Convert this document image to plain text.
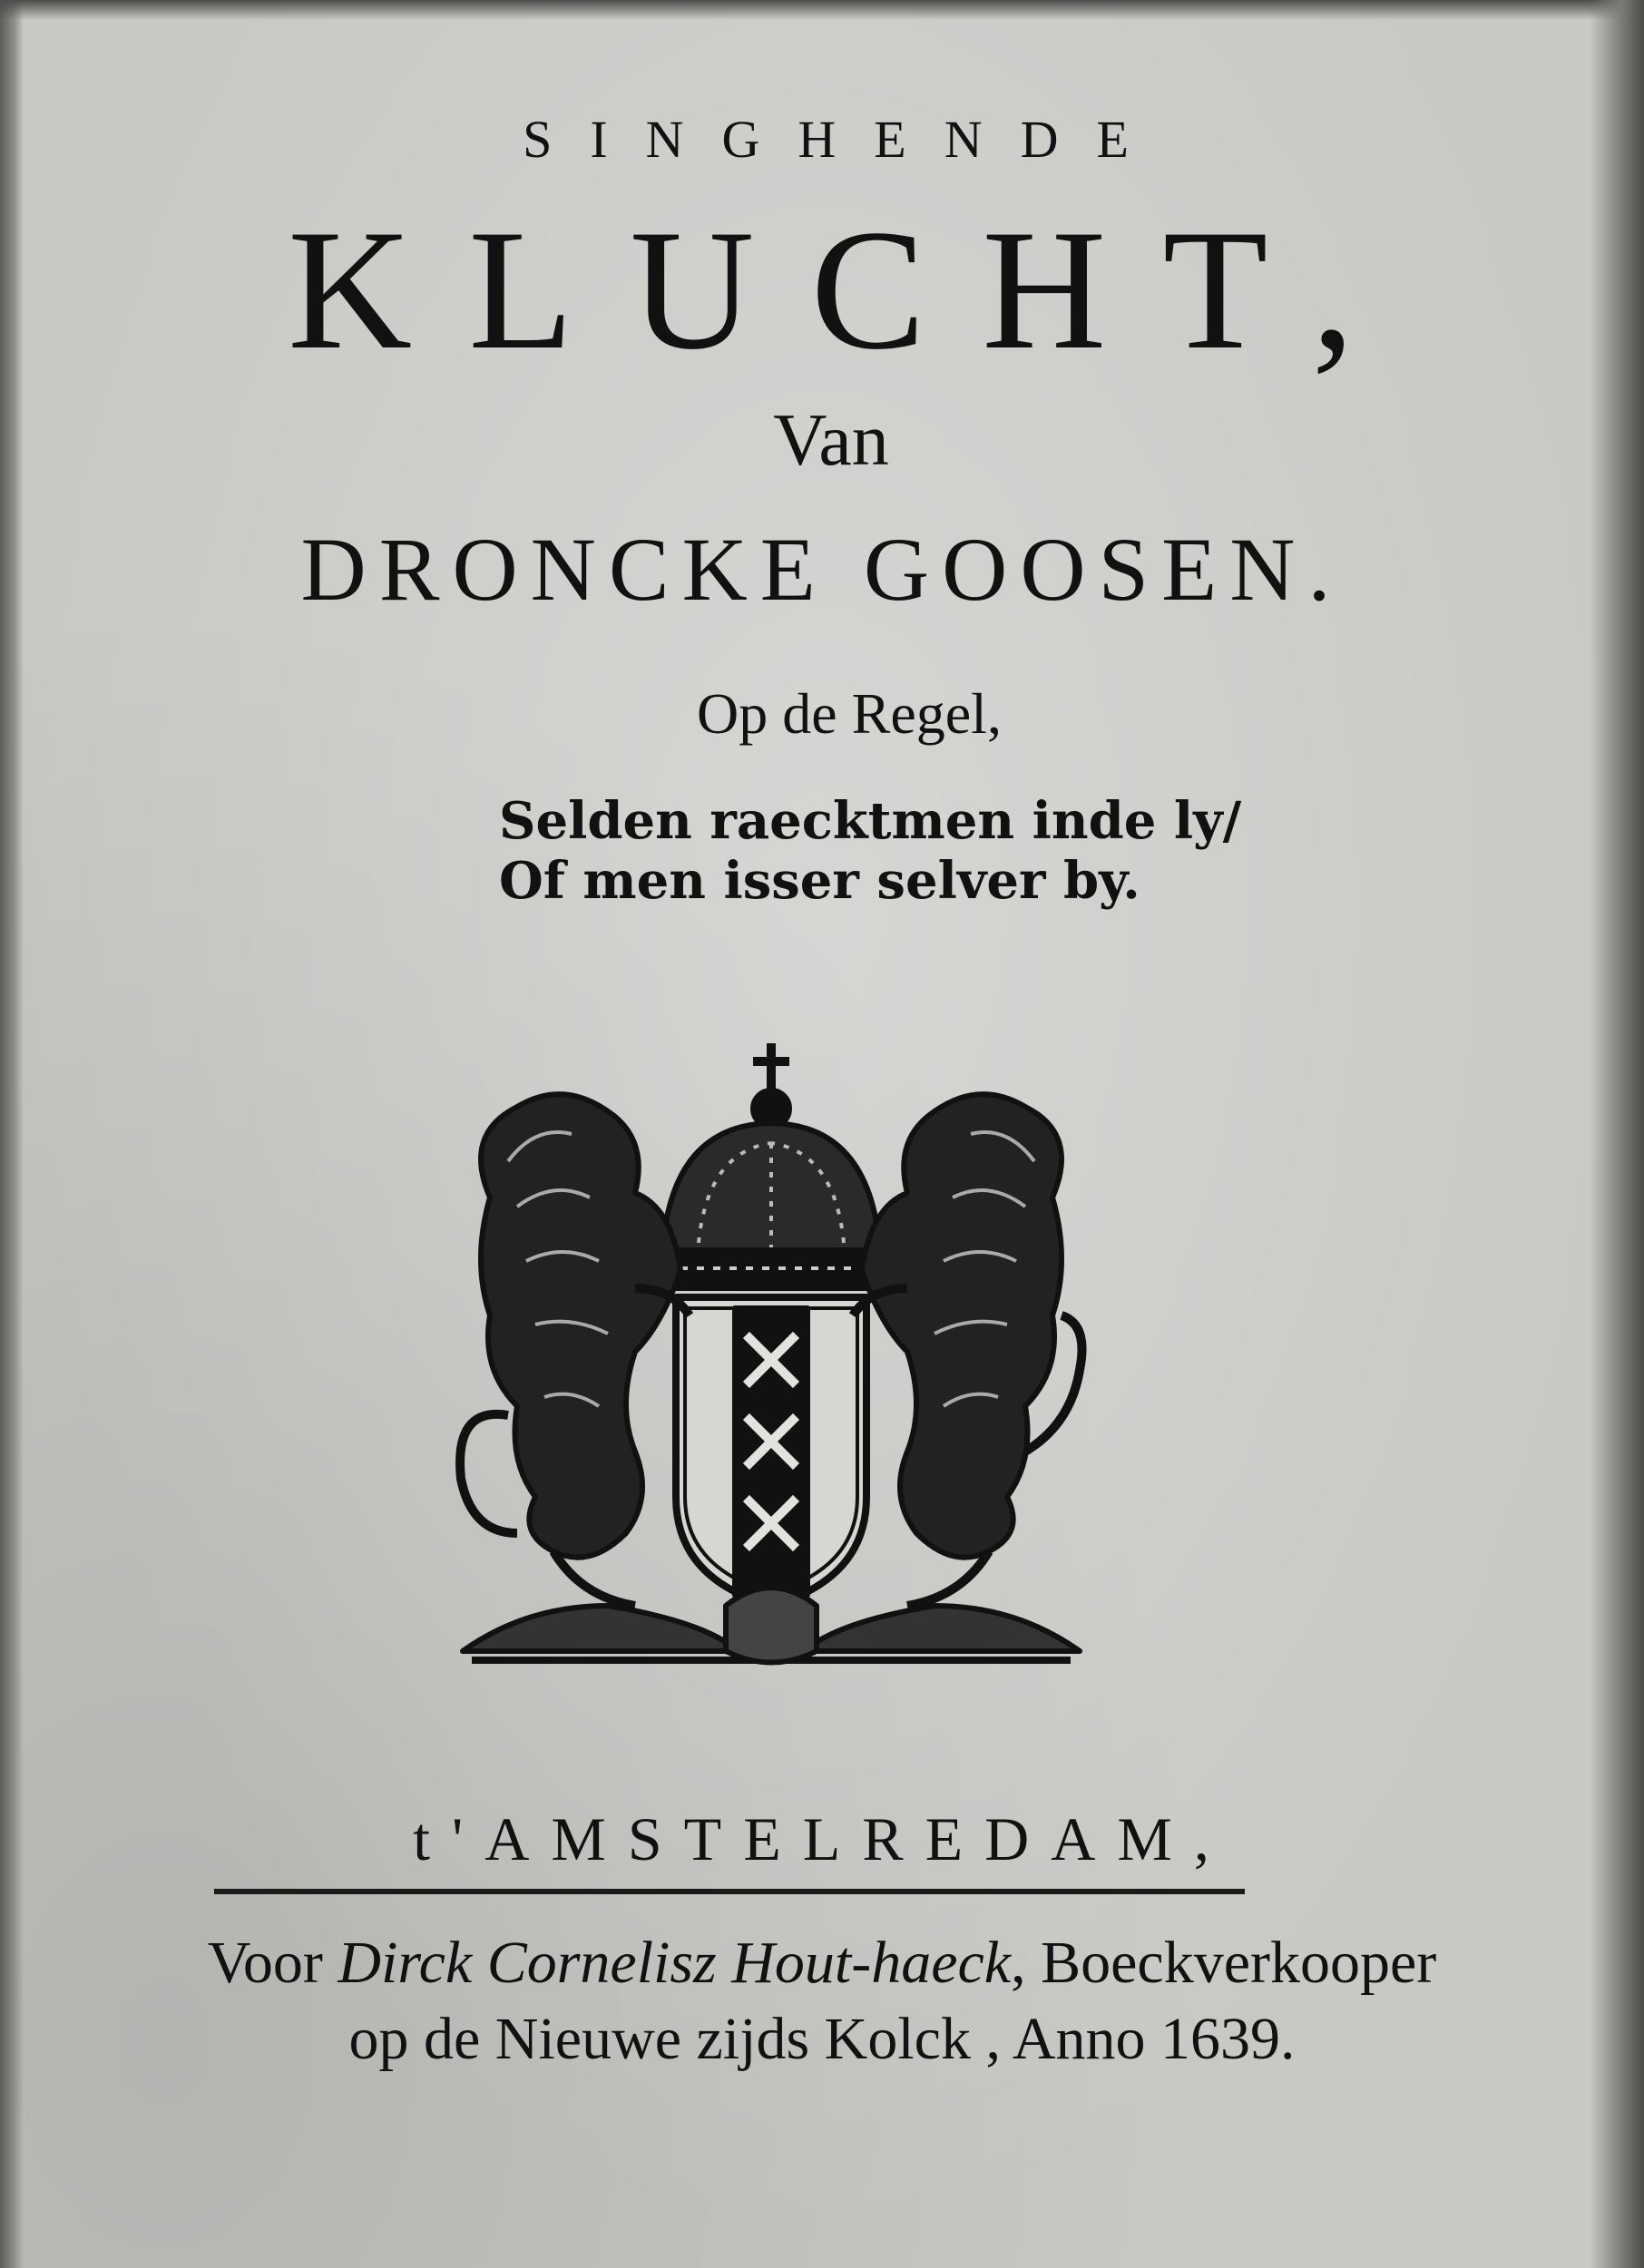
SINGHENDE
KLUCHT,
Van
DRONCKE GOOSEN.
Op de Regel,
Selden raecktmen inde ly/
Of men isser selver by.
t'AMSTELREDAM,
Voor Dirck Cornelisz Hout-haeck, Boeckverkooper
op de Nieuwe zijds Kolck , Anno 1639.
